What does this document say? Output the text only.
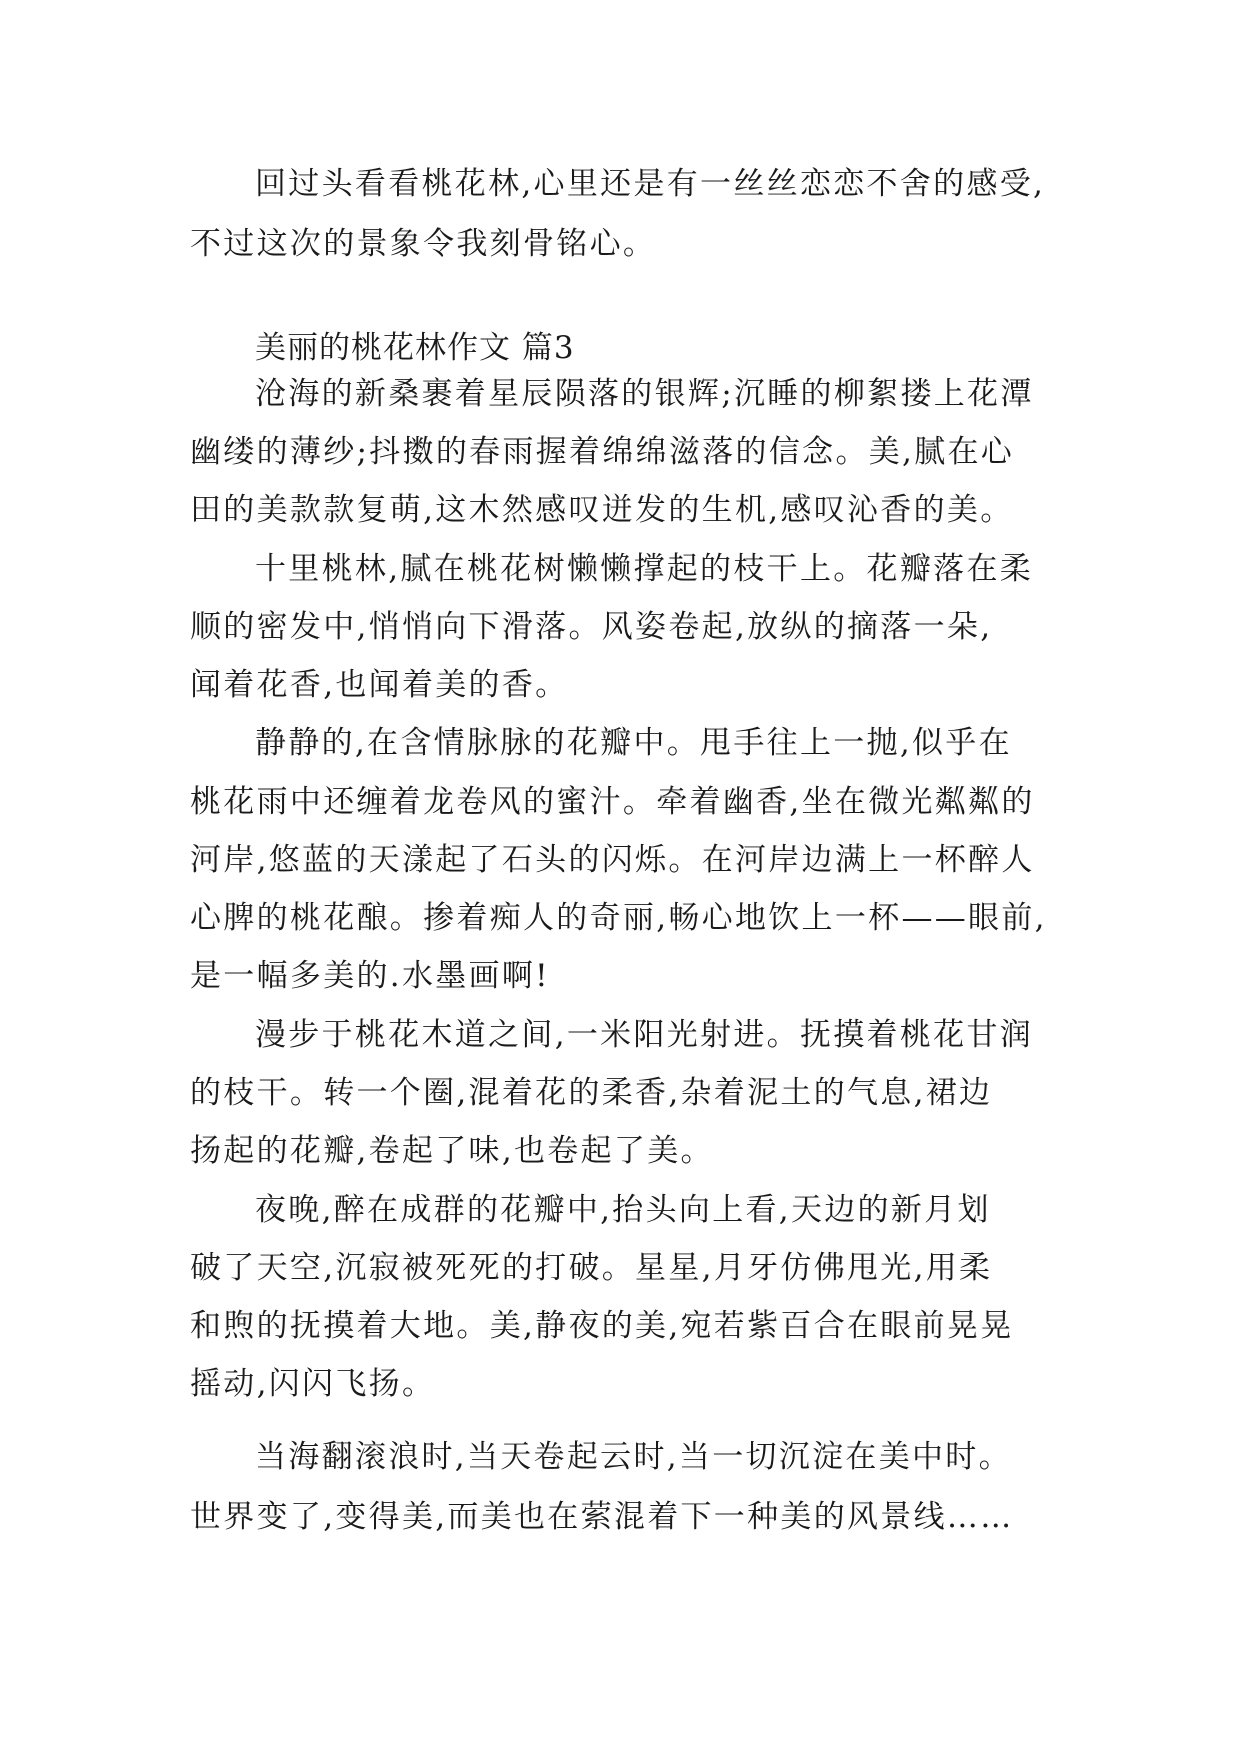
回过头看看桃花林,心里还是有一丝丝恋恋不舍的感受,
不过这次的景象令我刻骨铭心。
美丽的桃花林作文 篇3
沧海的新桑裹着星辰陨落的银辉;沉睡的柳絮搂上花潭
幽缕的薄纱;抖擞的春雨握着绵绵滋落的信念。美,腻在心
田的美款款复萌,这木然感叹迸发的生机,感叹沁香的美。
十里桃林,腻在桃花树懒懒撑起的枝干上。花瓣落在柔
顺的密发中,悄悄向下滑落。风姿卷起,放纵的摘落一朵,
闻着花香,也闻着美的香。
静静的,在含情脉脉的花瓣中。甩手往上一抛,似乎在
桃花雨中还缠着龙卷风的蜜汁。牵着幽香,坐在微光粼粼的
河岸,悠蓝的天漾起了石头的闪烁。在河岸边满上一杯醉人
心脾的桃花酿。掺着痴人的奇丽,畅心地饮上一杯——眼前,
是一幅多美的.水墨画啊!
漫步于桃花木道之间,一米阳光射进。抚摸着桃花甘润
的枝干。转一个圈,混着花的柔香,杂着泥土的气息,裙边
扬起的花瓣,卷起了味,也卷起了美。
夜晚,醉在成群的花瓣中,抬头向上看,天边的新月划
破了天空,沉寂被死死的打破。星星,月牙仿佛甩光,用柔
和煦的抚摸着大地。美,静夜的美,宛若紫百合在眼前晃晃
摇动,闪闪飞扬。
当海翻滚浪时,当天卷起云时,当一切沉淀在美中时。
世界变了,变得美,而美也在萦混着下一种美的风景线……
